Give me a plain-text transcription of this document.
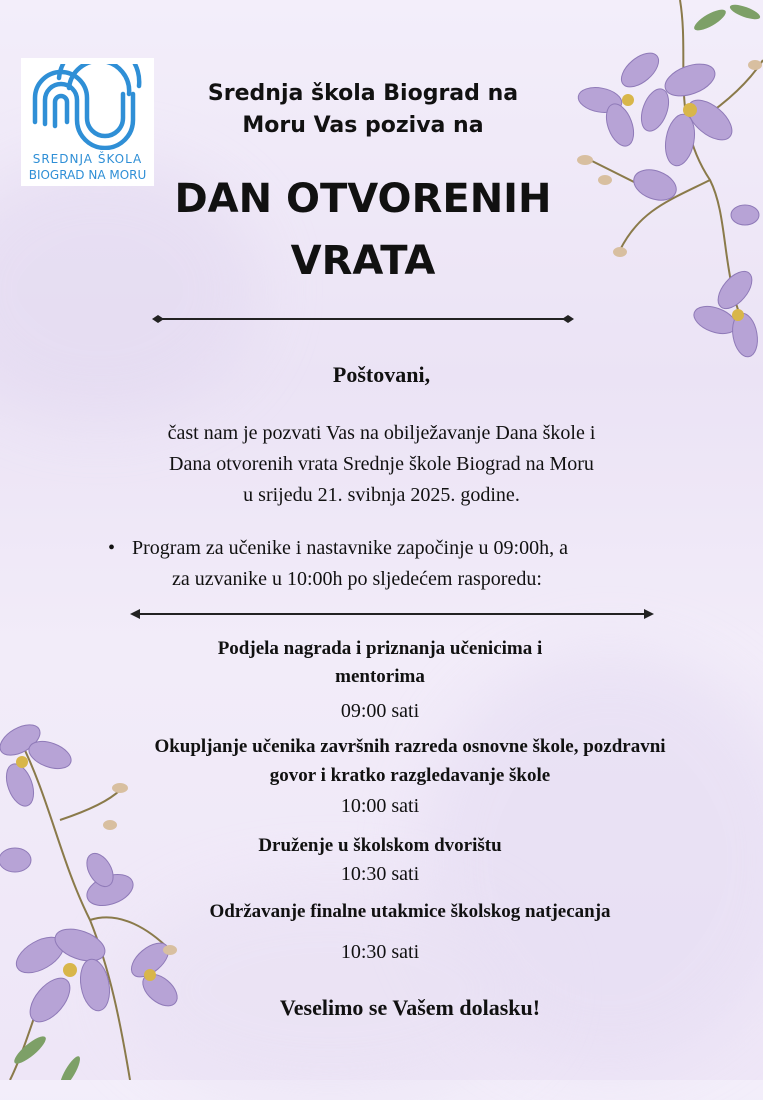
SREDNJA ŠKOLA
BIOGRAD NA MORU
Srednja škola Biograd na
Moru Vas poziva na
DAN OTVORENIH
VRATA
Poštovani,
čast nam je pozvati Vas na obilježavanje Dana škole i
Dana otvorenih vrata Srednje škole Biograd na Moru
u srijedu 21. svibnja 2025. godine.
• Program za učenike i nastavnike započinje u 09:00h, a
za uzvanike u 10:00h po sljedećem rasporedu:
Podjela nagrada i priznanja učenicima i
mentorima
09:00 sati
Okupljanje učenika završnih razreda osnovne škole, pozdravni
govor i kratko razgledavanje škole
10:00 sati
Druženje u školskom dvorištu
10:30 sati
Održavanje finalne utakmice školskog natjecanja
10:30 sati
Veselimo se Vašem dolasku!
